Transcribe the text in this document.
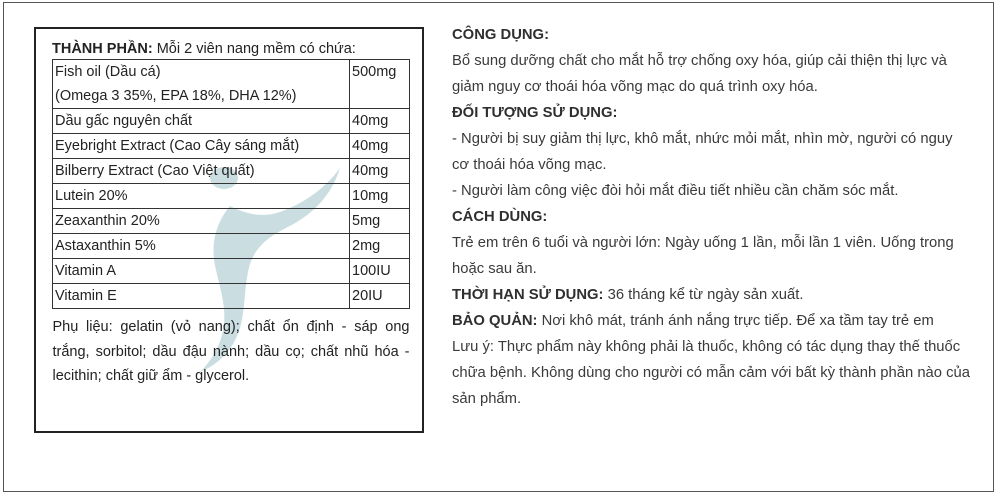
THÀNH PHẦN: Mỗi 2 viên nang mềm có chứa:
Fish oil (Dầu cá)
(Omega 3 35%, EPA 18%, DHA 12%)	500mg
Dầu gấc nguyên chất	40mg
Eyebright Extract (Cao Cây sáng mắt)	40mg
Bilberry Extract (Cao Việt quất)	40mg
Lutein 20%	10mg
Zeaxanthin 20%	5mg
Astaxanthin 5%	2mg
Vitamin A	100IU
Vitamin E	20IU
Phụ liệu: gelatin (vỏ nang); chất ổn định - sáp ong trắng, sorbitol; dầu đậu nành; dầu cọ; chất nhũ hóa - lecithin; chất giữ ẩm - glycerol.	

CÔNG DỤNG:

Bổ sung dưỡng chất cho mắt hỗ trợ chống oxy hóa, giúp cải thiện thị lực và giảm nguy cơ thoái hóa võng mạc do quá trình oxy hóa.

ĐỐI TƯỢNG SỬ DỤNG:

- Người bị suy giảm thị lực, khô mắt, nhức mỏi mắt, nhìn mờ, người có nguy cơ thoái hóa võng mạc.

- Người làm công việc đòi hỏi mắt điều tiết nhiều cần chăm sóc mắt.

CÁCH DÙNG:

Trẻ em trên 6 tuổi và người lớn: Ngày uống 1 lần, mỗi lần 1 viên. Uống trong hoặc sau ăn.

THỜI HẠN SỬ DỤNG: 36 tháng kể từ ngày sản xuất.

BẢO QUẢN: Nơi khô mát, tránh ánh nắng trực tiếp. Để xa tầm tay trẻ em

Lưu ý: Thực phẩm này không phải là thuốc, không có tác dụng thay thế thuốc chữa bệnh. Không dùng cho người có mẫn cảm với bất kỳ thành phần nào của sản phẩm.
